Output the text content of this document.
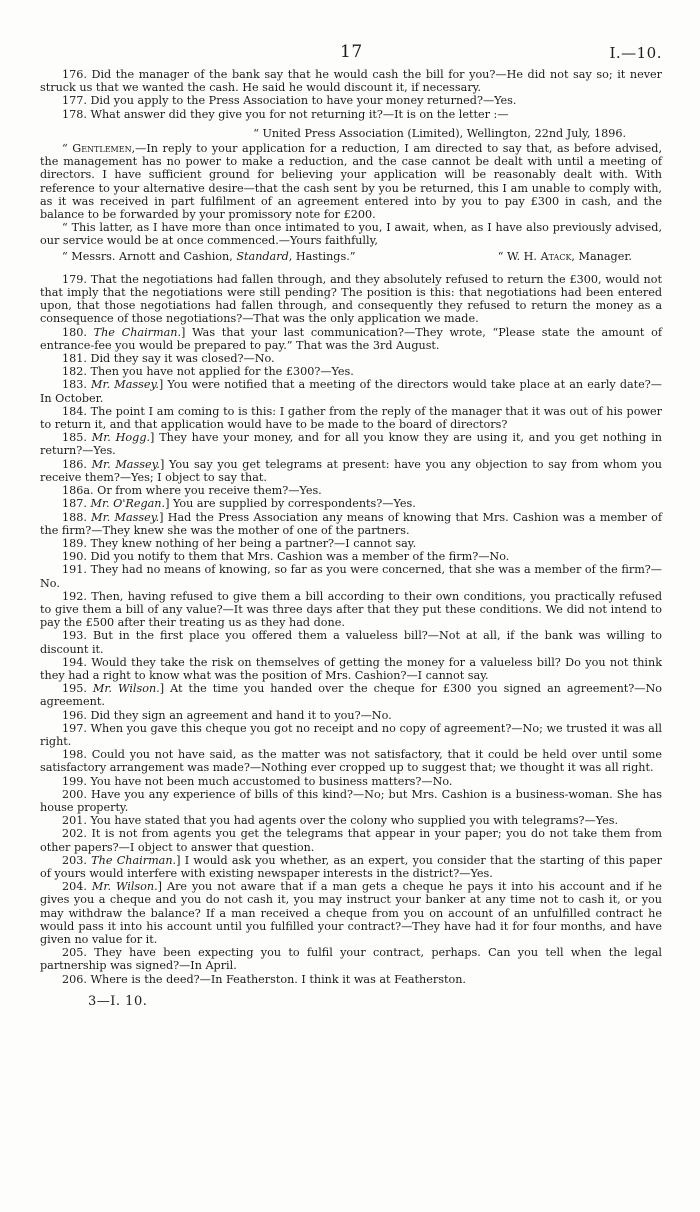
17	I.—10.

176. Did the manager of the bank say that he would cash the bill for you?—He did not say so; it never struck us that we wanted the cash. He said he would discount it, if necessary.

177. Did you apply to the Press Association to have your money returned?—Yes.

178. What answer did they give you for not returning it?—It is on the letter :—

“ United Press Association (Limited), Wellington, 22nd July, 1896.

“ Gentlemen,—In reply to your application for a reduction, I am directed to say that, as before advised, the management has no power to make a reduction, and the case cannot be dealt with until a meeting of directors. I have sufficient ground for believing your application will be reasonably dealt with. With reference to your alternative desire—that the cash sent by you be returned, this I am unable to comply with, as it was received in part fulfilment of an agreement entered into by you to pay £300 in cash, and the balance to be forwarded by your promissory note for £200.

“ This latter, as I have more than once intimated to you, I await, when, as I have also previously advised, our service would be at once commenced.—Yours faithfully,

“ Messrs. Arnott and Cashion, Standard, Hastings.”	“ W. H. Atack, Manager.

179. That the negotiations had fallen through, and they absolutely refused to return the £300, would not that imply that the negotiations were still pending? The position is this: that negotiations had been entered upon, that those negotiations had fallen through, and consequently they refused to return the money as a consequence of those negotiations?—That was the only application we made.

180. The Chairman.] Was that your last communication?—They wrote, “Please state the amount of entrance-fee you would be prepared to pay.” That was the 3rd August.

181. Did they say it was closed?—No.

182. Then you have not applied for the £300?—Yes.

183. Mr. Massey.] You were notified that a meeting of the directors would take place at an early date?—In October.

184. The point I am coming to is this: I gather from the reply of the manager that it was out of his power to return it, and that application would have to be made to the board of directors?

185. Mr. Hogg.] They have your money, and for all you know they are using it, and you get nothing in return?—Yes.

186. Mr. Massey.] You say you get telegrams at present: have you any objection to say from whom you receive them?—Yes; I object to say that.

186a. Or from where you receive them?—Yes.

187. Mr. O'Regan.] You are supplied by correspondents?—Yes.

188. Mr. Massey.] Had the Press Association any means of knowing that Mrs. Cashion was a member of the firm?—They knew she was the mother of one of the partners.

189. They knew nothing of her being a partner?—I cannot say.

190. Did you notify to them that Mrs. Cashion was a member of the firm?—No.

191. They had no means of knowing, so far as you were concerned, that she was a member of the firm?—No.

192. Then, having refused to give them a bill according to their own conditions, you practically refused to give them a bill of any value?—It was three days after that they put these conditions. We did not intend to pay the £500 after their treating us as they had done.

193. But in the first place you offered them a valueless bill?—Not at all, if the bank was willing to discount it.

194. Would they take the risk on themselves of getting the money for a valueless bill? Do you not think they had a right to know what was the position of Mrs. Cashion?—I cannot say.

195. Mr. Wilson.] At the time you handed over the cheque for £300 you signed an agreement?—No agreement.

196. Did they sign an agreement and hand it to you?—No.

197. When you gave this cheque you got no receipt and no copy of agreement?—No; we trusted it was all right.

198. Could you not have said, as the matter was not satisfactory, that it could be held over until some satisfactory arrangement was made?—Nothing ever cropped up to suggest that; we thought it was all right.

199. You have not been much accustomed to business matters?—No.

200. Have you any experience of bills of this kind?—No; but Mrs. Cashion is a business-woman. She has house property.

201. You have stated that you had agents over the colony who supplied you with telegrams?—Yes.

202. It is not from agents you get the telegrams that appear in your paper; you do not take them from other papers?—I object to answer that question.

203. The Chairman.] I would ask you whether, as an expert, you consider that the starting of this paper of yours would interfere with existing newspaper interests in the district?—Yes.

204. Mr. Wilson.] Are you not aware that if a man gets a cheque he pays it into his account and if he gives you a cheque and you do not cash it, you may instruct your banker at any time not to cash it, or you may withdraw the balance? If a man received a cheque from you on account of an unfulfilled contract he would pass it into his account until you fulfilled your contract?—They have had it for four months, and have given no value for it.

205. They have been expecting you to fulfil your contract, perhaps. Can you tell when the legal partnership was signed?—In April.

206. Where is the deed?—In Featherston. I think it was at Featherston.

3—I. 10.
